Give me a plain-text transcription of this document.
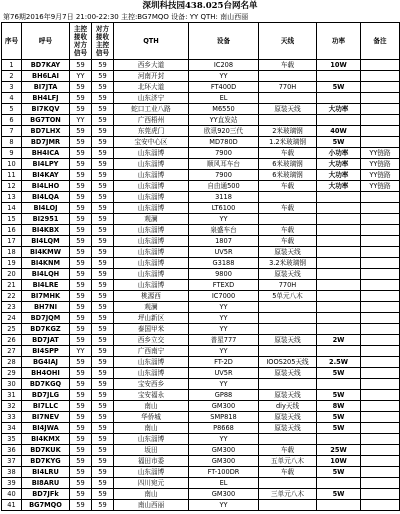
深圳科技园438.025台网名单
第76期2016年9月7日 21:00-22:30 主控:BG7MQO 设备: YY QTH: 南山西丽
序号	呼号	主控接收对方信号	对方接收主控信号	QTH	设备	天线	功率	备注
1	BD7KAY	59	59	西乡大道	IC208	车载	10W	
2	BH6LAI	YY	59	河南开封	YY			
3	BI7JTA	59	59	北环大道	FT400D	770H	5W	
4	BH4LFJ	59	59	山东济宁	EL			
5	BI7KQV	59	59	蛇口工业八路	M6550	原装天线	大功率	
6	BG7TON	YY	59	广西梧州	YY直发站			
7	BD7LHX	59	59	东莞虎门	欧讯920三代	2米玻璃钢	40W	
8	BD7JMR	59	59	宝安中心区	MD780D	1.2米玻璃钢	5W	
9	BH4ICA	59	59	山东淄博	7900	车载	小功率	YY链路
10	BI4LPY	59	59	山东淄博	顺风耳车台	6米玻璃钢	大功率	YY链路
11	BI4KAY	59	59	山东淄博	7900	6米玻璃钢	大功率	YY链路
12	BI4LHO	59	59	山东淄博	自由通500	车载	大功率	YY链路
13	BI4LQA	59	59	山东淄博	3118			
14	BI4LOJ	59	59	山东淄博	LT6100	车载		
15	BI2951	59	59	观澜	YY			
16	BI4KBX	59	59	山东淄博	泉盛车台	车载		
17	BI4LQM	59	59	山东淄博	1807	车载		
18	BI4KMW	59	59	山东淄博	UV5R	原装天线		
19	BI4KNM	59	59	山东淄博	G3188	3.2米玻璃钢		
20	BI4LQH	59	59	山东淄博	9800	原装天线		
21	BI4LRE	59	59	山东淄博	FTEXD	770H		
22	BI7MHK	59	59	桃源西	IC7000	5单元八木		
23	BH7NI	59	59	观澜	YY			
24	BD7JQM	59	59	坪山新区	YY			
25	BD7KGZ	59	59	泰国甲米	YY			
26	BD7JAT	59	59	西乡立交	普星777	原装天线	2W	
27	BI4SPP	YY	59	广西南宁	YY			
28	BG4IAJ	59	59	山东淄博	FT-2D	IOOS205天线	2.5W	
29	BH4OHI	59	59	山东淄博	UV5R	原装天线	5W	
30	BD7KGQ	59	59	宝安西乡	YY			
31	BD7JLG	59	59	宝安福永	GP88	原装天线	5W	
32	BI7LLC	59	59	南山	GM300	diy天线	8W	
33	BI7NEV	59	59	华侨城	SMP818	原装天线	5W	
34	BI4JWA	59	59	南山	P8668	原装天线	5W	
35	BI4KMX	59	59	山东淄博	YY			
36	BD7KUK	59	59	坂田	GM300	车载	25W	
37	BD7KYG	59	59	福田市委	GM300	五单元八木	10W	
38	BI4LRU	59	59	山东淄博	FT-100DR	车载	5W	
39	BI8ARU	59	59	四川宛元	EL			
40	BD7JFk	59	59	南山	GM300	三单元八木	5W	
41	BG7MQO	59	59	南山西丽	YY			
